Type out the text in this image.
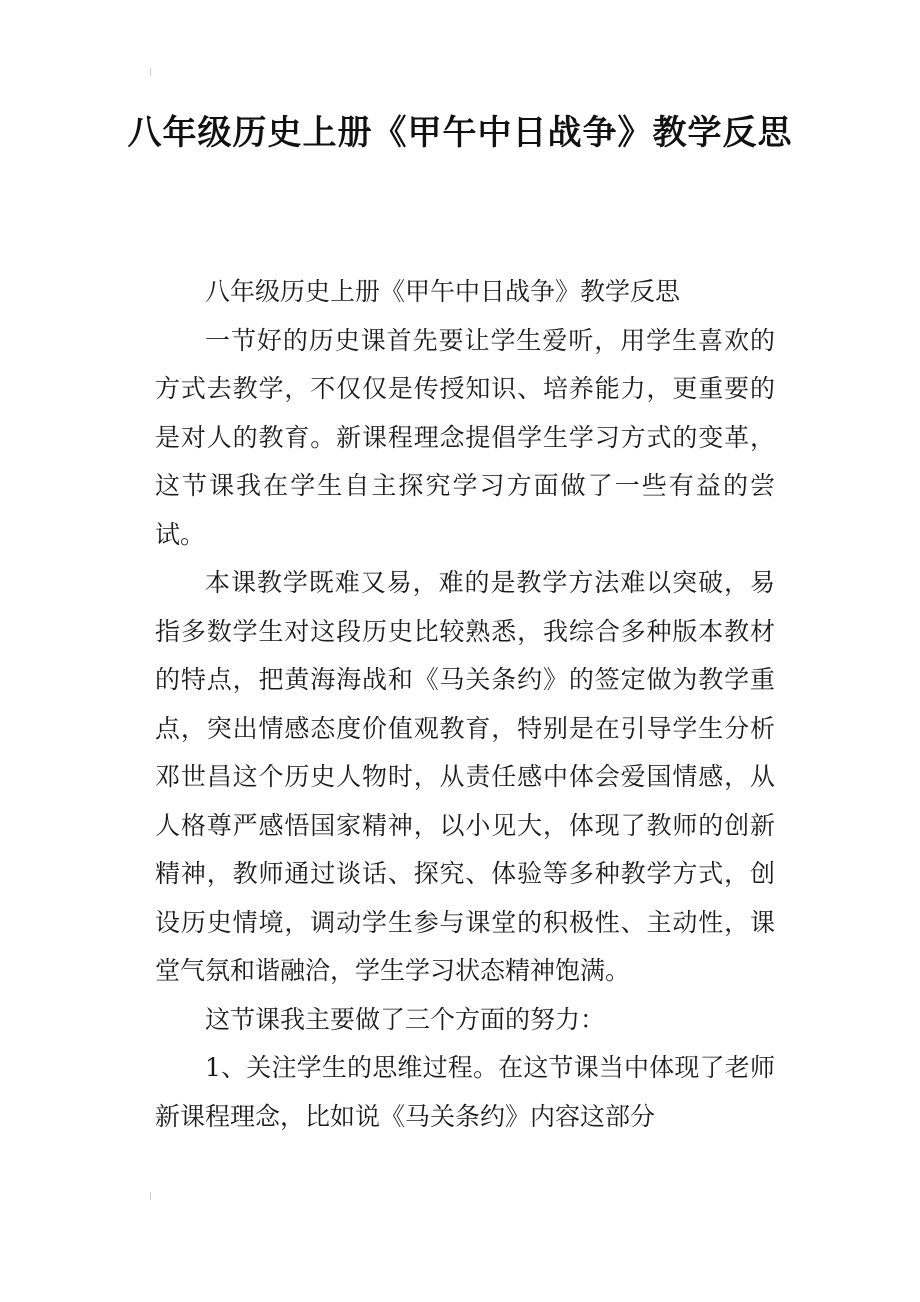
八年级历史上册《甲午中日战争》教学反思

八年级历史上册《甲午中日战争》教学反思

一节好的历史课首先要让学生爱听，用学生喜欢的方式去教学，不仅仅是传授知识、培养能力，更重要的是对人的教育。新课程理念提倡学生学习方式的变革，这节课我在学生自主探究学习方面做了一些有益的尝试。

本课教学既难又易，难的是教学方法难以突破，易指多数学生对这段历史比较熟悉，我综合多种版本教材的特点，把黄海海战和《马关条约》的签定做为教学重点，突出情感态度价值观教育，特别是在引导学生分析邓世昌这个历史人物时，从责任感中体会爱国情感，从人格尊严感悟国家精神，以小见大，体现了教师的创新精神，教师通过谈话、探究、体验等多种教学方式，创设历史情境，调动学生参与课堂的积极性、主动性，课堂气氛和谐融洽，学生学习状态精神饱满。

这节课我主要做了三个方面的努力：

1、关注学生的思维过程。在这节课当中体现了老师新课程理念，比如说《马关条约》内容这部分
